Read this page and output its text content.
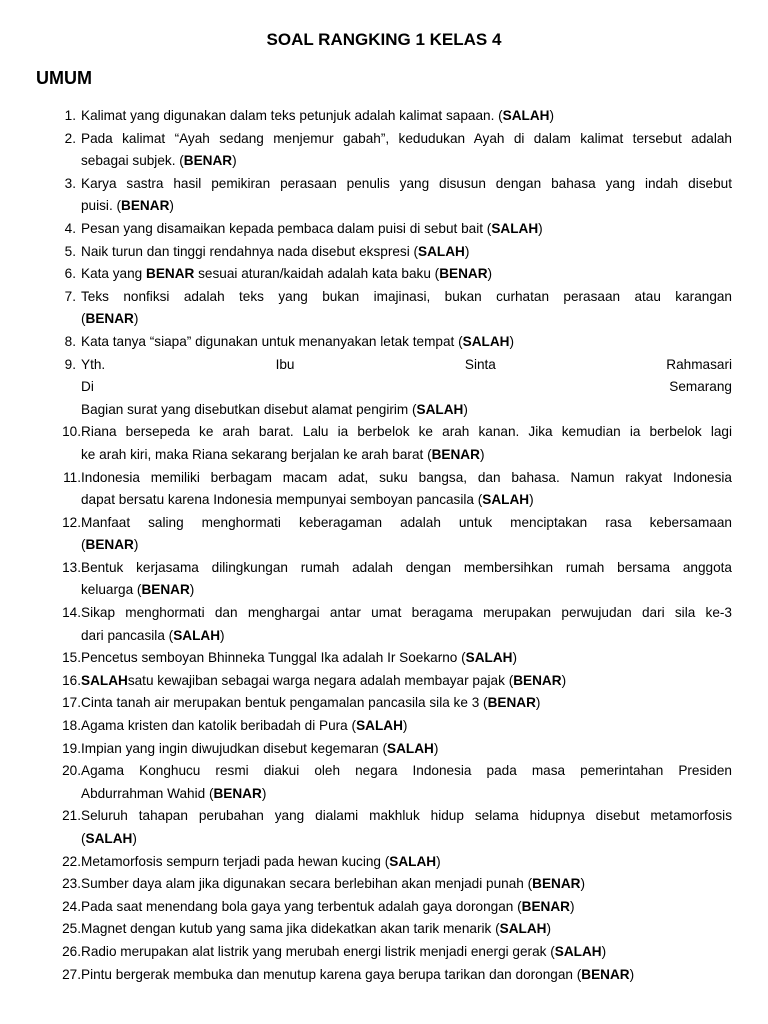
SOAL RANGKING 1 KELAS 4
UMUM
1. Kalimat yang digunakan dalam teks petunjuk adalah kalimat sapaan. (SALAH)
2. Pada kalimat “Ayah sedang menjemur gabah”, kedudukan Ayah di dalam kalimat tersebut adalah
sebagai subjek. (BENAR)
3. Karya sastra hasil pemikiran perasaan penulis yang disusun dengan bahasa yang indah disebut
puisi. (BENAR)
4. Pesan yang disamaikan kepada pembaca dalam puisi di sebut bait (SALAH)
5. Naik turun dan tinggi rendahnya nada disebut ekspresi (SALAH)
6. Kata yang BENAR sesuai aturan/kaidah adalah kata baku (BENAR)
7. Teks nonfiksi adalah teks yang bukan imajinasi, bukan curhatan perasaan atau karangan
(BENAR)
8. Kata tanya “siapa” digunakan untuk menanyakan letak tempat (SALAH)
9. Yth. Ibu Sinta Rahmasari
Di Semarang
Bagian surat yang disebutkan disebut alamat pengirim (SALAH)
10. Riana bersepeda ke arah barat. Lalu ia berbelok ke arah kanan. Jika kemudian ia berbelok lagi
ke arah kiri, maka Riana sekarang berjalan ke arah barat (BENAR)
11. Indonesia memiliki berbagam macam adat, suku bangsa, dan bahasa. Namun rakyat Indonesia
dapat bersatu karena Indonesia mempunyai semboyan pancasila (SALAH)
12. Manfaat saling menghormati keberagaman adalah untuk menciptakan rasa kebersamaan
(BENAR)
13. Bentuk kerjasama dilingkungan rumah adalah dengan membersihkan rumah bersama anggota
keluarga (BENAR)
14. Sikap menghormati dan menghargai antar umat beragama merupakan perwujudan dari sila ke-3
dari pancasila (SALAH)
15. Pencetus semboyan Bhinneka Tunggal Ika adalah Ir Soekarno (SALAH)
16. SALAHsatu kewajiban sebagai warga negara adalah membayar pajak (BENAR)
17. Cinta tanah air merupakan bentuk pengamalan pancasila sila ke 3 (BENAR)
18. Agama kristen dan katolik beribadah di Pura (SALAH)
19. Impian yang ingin diwujudkan disebut kegemaran (SALAH)
20. Agama Konghucu resmi diakui oleh negara Indonesia pada masa pemerintahan Presiden
Abdurrahman Wahid (BENAR)
21. Seluruh tahapan perubahan yang dialami makhluk hidup selama hidupnya disebut metamorfosis
(SALAH)
22. Metamorfosis sempurn terjadi pada hewan kucing (SALAH)
23. Sumber daya alam jika digunakan secara berlebihan akan menjadi punah (BENAR)
24. Pada saat menendang bola gaya yang terbentuk adalah gaya dorongan (BENAR)
25. Magnet dengan kutub yang sama jika didekatkan akan tarik menarik (SALAH)
26. Radio merupakan alat listrik yang merubah energi listrik menjadi energi gerak (SALAH)
27. Pintu bergerak membuka dan menutup karena gaya berupa tarikan dan dorongan (BENAR)
